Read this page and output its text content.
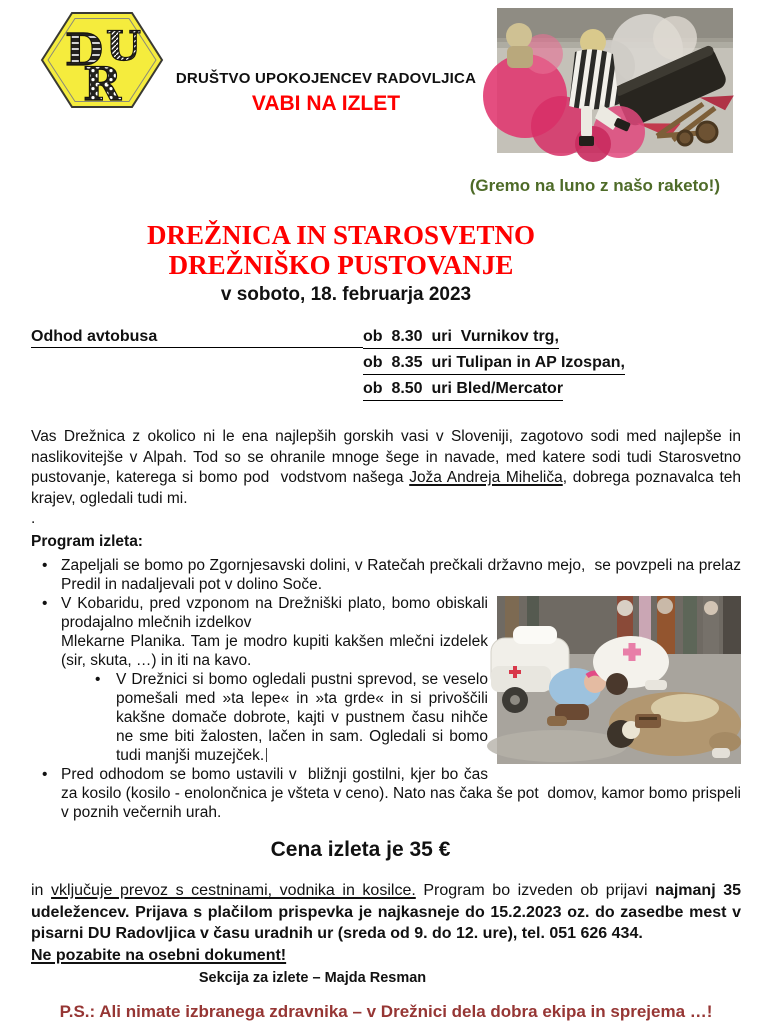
D U
R	DRUŠTVO UPOKOJENCEV RADOVLJICA
VABI NA IZLET
(Gremo na luno z našo raketo!)
DREŽNICA IN STAROSVETNO
DREŽNIŠKO PUSTOVANJE
v soboto, 18. februarja 2023
Odhod avtobusa	ob  8.30  uri  Vurnikov trg,
ob  8.35  uri Tulipan in AP Izospan,
ob  8.50  uri Bled/Mercator

Vas Drežnica z okolico ni le ena najlepših gorskih vasi v Sloveniji, zagotovo sodi med najlepše in naslikovitejše v Alpah. Tod so se ohranile mnoge šege in navade, med katere sodi tudi Starosvetno pustovanje, katerega si bomo pod  vodstvom našega Joža Andreja Miheliča, dobrega poznavalca teh krajev, ogledali tudi mi.

.
Program izleta:
• Zapeljali se bomo po Zgornjesavski dolini, v Ratečah prečkali državno mejo,  se povzpeli na prelaz Predil in nadaljevali pot v dolino Soče.
• V Kobaridu, pred vzponom na Drežniški plato, bomo obiskali prodajalno mlečnih izdelkov
Mlekarne Planika. Tam je modro kupiti kakšen mlečni izdelek (sir, skuta, …) in iti na kavo.
• V Drežnici si bomo ogledali pustni sprevod, se veselo pomešali med »ta lepe« in »ta grde« in si privoščili kakšne domače dobrote, kajti v pustnem času nihče ne sme biti žalosten, lačen in sam. Ogledali si bomo tudi manjši muzejček.
• Pred odhodom se bomo ustavili v  bližnji gostilni, kjer bo čas za kosilo (kosilo - enolončnica je všteta v ceno). Nato nas čaka še pot  domov, kamor bomo prispeli v poznih večernih urah.
Cena izleta je 35 €

in vključuje prevoz s cestninami, vodnika in kosilce. Program bo izveden ob prijavi najmanj 35 udeležencev. Prijava s plačilom prispevka je najkasneje do 15.2.2023 oz. do zasedbe mest v pisarni DU Radovljica v času uradnih ur (sreda od 9. do 12. ure), tel. 051 626 434.
Ne pozabite na osebni dokument!

Sekcija za izlete – Majda Resman
P.S.: Ali nimate izbranega zdravnika – v Drežnici dela dobra ekipa in sprejema …!
